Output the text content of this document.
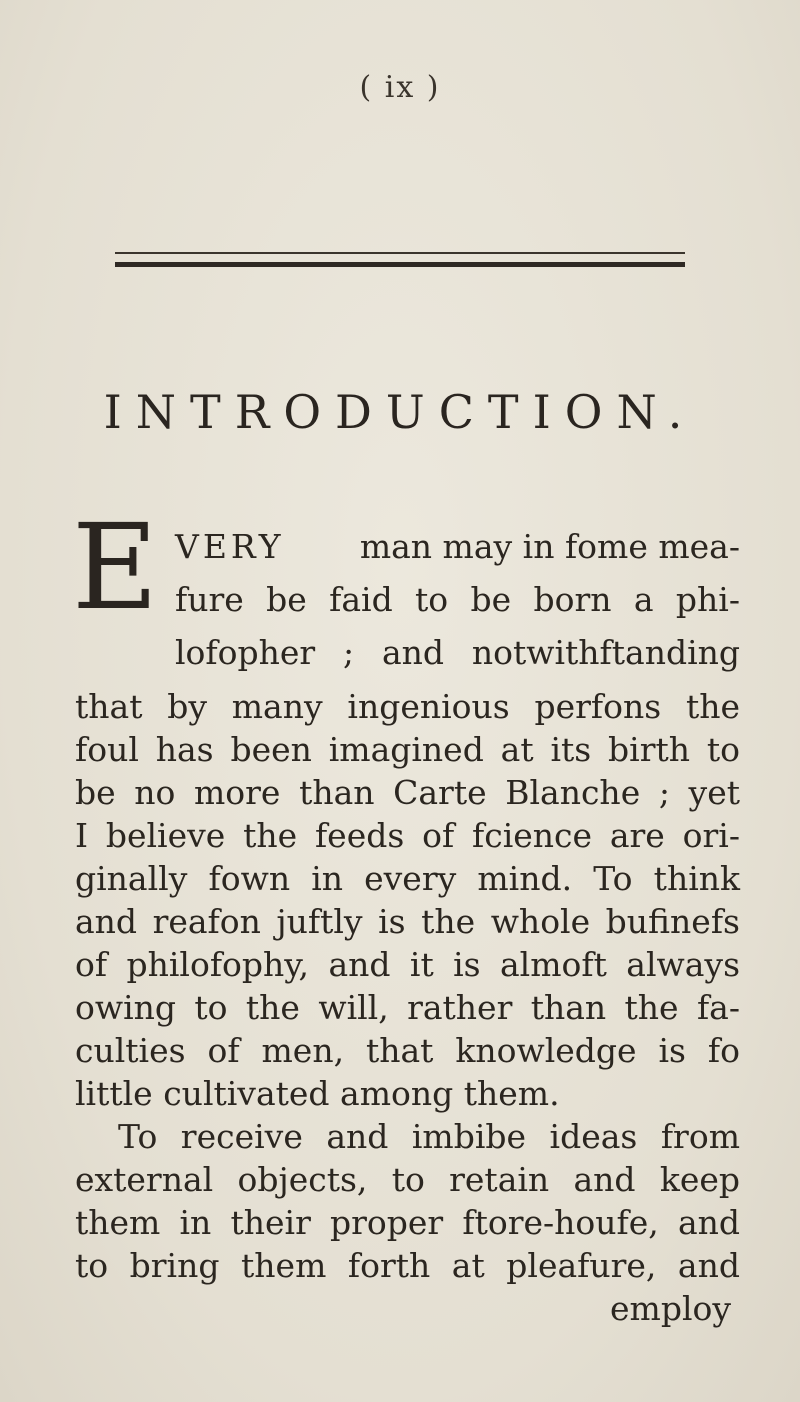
( ix )
INTRODUCTION.
E VERY man may in fome mea-
fure be faid to be born a phi-
lofopher ; and notwithftanding
that by many ingenious perfons the
foul has been imagined at its birth to
be no more than Carte Blanche ; yet
I believe the feeds of fcience are ori-
ginally fown in every mind. To think
and reafon juftly is the whole bufinefs
of philofophy, and it is almoft always
owing to the will, rather than the fa-
culties of men, that knowledge is fo
little cultivated among them.
To receive and imbibe ideas from
external objects, to retain and keep
them in their proper ftore-houfe, and
to bring them forth at pleafure, and
employ
